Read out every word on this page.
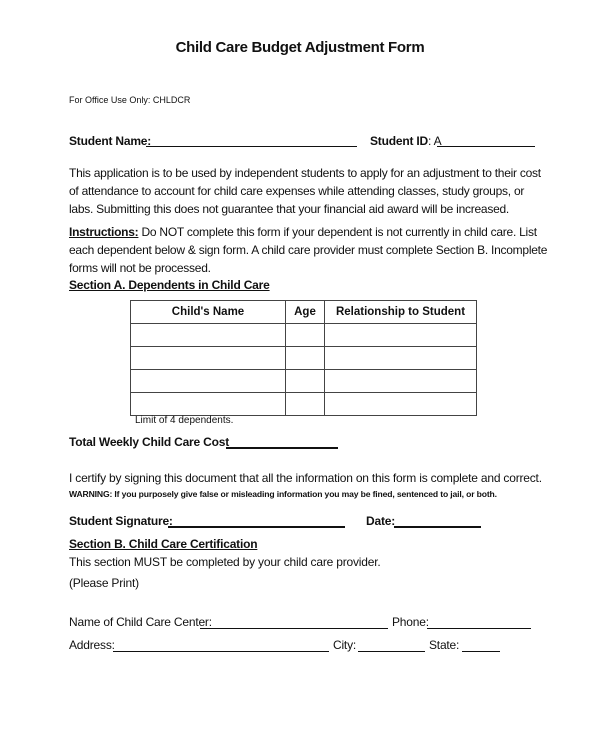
Child Care Budget Adjustment Form
For Office Use Only: CHLDCR
Student Name:	Student ID: A

This application is to be used by independent students to apply for an adjustment to their cost of attendance to account for child care expenses while attending classes, study groups, or labs. Submitting this does not guarantee that your financial aid award will be increased.

Instructions: Do NOT complete this form if your dependent is not currently in child care. List each dependent below & sign form. A child care provider must complete Section B. Incomplete forms will not be processed.

Section A. Dependents in Child Care
Child's Name	Age	Relationship to Student

Limit of 4 dependents.
Total Weekly Child Care Cost
I certify by signing this document that all the information on this form is complete and correct.
WARNING: If you purposely give false or misleading information you may be fined, sentenced to jail, or both.
Student Signature:	Date:
Section B. Child Care Certification
This section MUST be completed by your child care provider.
(Please Print)
Name of Child Care Center:	Phone:
Address:	City:	State:
